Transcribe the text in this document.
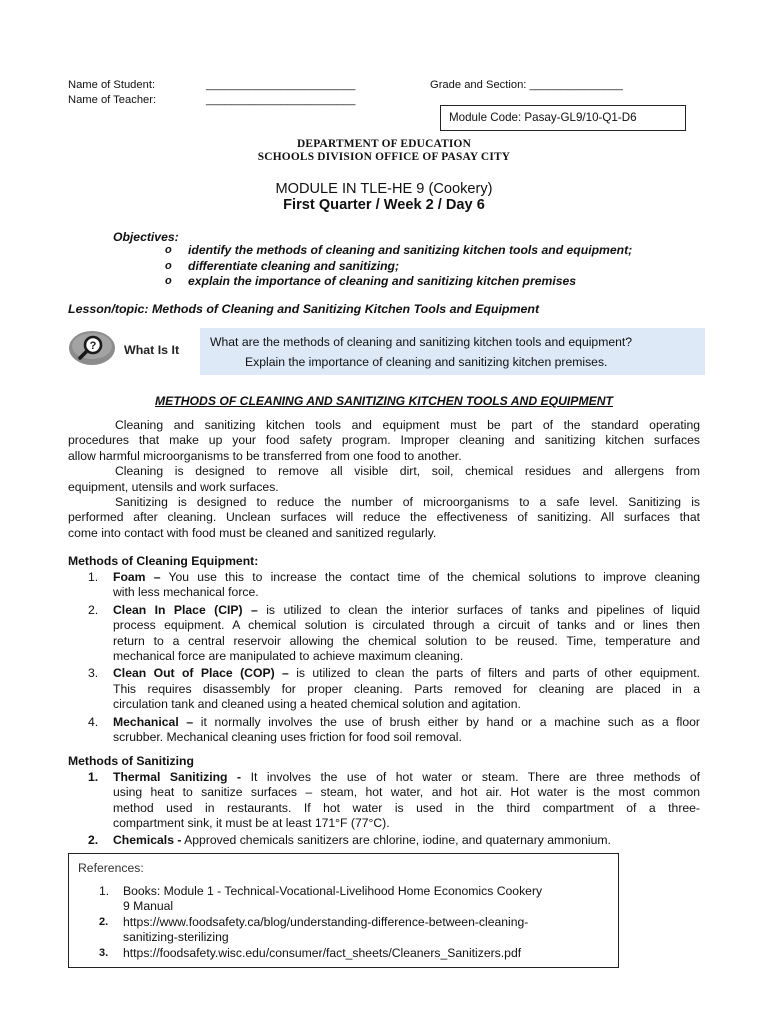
Name of Student:	________________________
Name of Teacher:	________________________
Grade and Section: _______________
Module Code: Pasay-GL9/10-Q1-D6
DEPARTMENT OF EDUCATION
SCHOOLS DIVISION OFFICE OF PASAY CITY
MODULE IN TLE-HE 9 (Cookery)
First Quarter / Week 2 / Day 6
Objectives:
o identify the methods of cleaning and sanitizing kitchen tools and equipment;
o differentiate cleaning and sanitizing;
o explain the importance of cleaning and sanitizing kitchen premises
Lesson/topic: Methods of Cleaning and Sanitizing Kitchen Tools and Equipment
? What Is It
What are the methods of cleaning and sanitizing kitchen tools and equipment?
Explain the importance of cleaning and sanitizing kitchen premises.
METHODS OF CLEANING AND SANITIZING KITCHEN TOOLS AND EQUIPMENT
Cleaning and sanitizing kitchen tools and equipment must be part of the standard operating
procedures that make up your food safety program. Improper cleaning and sanitizing kitchen surfaces
allow harmful microorganisms to be transferred from one food to another.
Cleaning is designed to remove all visible dirt, soil, chemical residues and allergens from
equipment, utensils and work surfaces.
Sanitizing is designed to reduce the number of microorganisms to a safe level. Sanitizing is
performed after cleaning. Unclean surfaces will reduce the effectiveness of sanitizing. All surfaces that
come into contact with food must be cleaned and sanitized regularly.
Methods of Cleaning Equipment:
1. Foam – You use this to increase the contact time of the chemical solutions to improve cleaning
with less mechanical force.
2. Clean In Place (CIP) – is utilized to clean the interior surfaces of tanks and pipelines of liquid
process equipment. A chemical solution is circulated through a circuit of tanks and or lines then
return to a central reservoir allowing the chemical solution to be reused. Time, temperature and
mechanical force are manipulated to achieve maximum cleaning.
3. Clean Out of Place (COP) – is utilized to clean the parts of filters and parts of other equipment.
This requires disassembly for proper cleaning. Parts removed for cleaning are placed in a
circulation tank and cleaned using a heated chemical solution and agitation.
4. Mechanical – it normally involves the use of brush either by hand or a machine such as a floor
scrubber. Mechanical cleaning uses friction for food soil removal.
Methods of Sanitizing
1. Thermal Sanitizing - It involves the use of hot water or steam. There are three methods of
using heat to sanitize surfaces – steam, hot water, and hot air. Hot water is the most common
method used in restaurants. If hot water is used in the third compartment of a three-
compartment sink, it must be at least 171°F (77°C).
2. Chemicals - Approved chemicals sanitizers are chlorine, iodine, and quaternary ammonium.
References:
1. Books: Module 1 - Technical-Vocational-Livelihood Home Economics Cookery
9 Manual
2. https://www.foodsafety.ca/blog/understanding-difference-between-cleaning-
sanitizing-sterilizing
3. https://foodsafety.wisc.edu/consumer/fact_sheets/Cleaners_Sanitizers.pdf
